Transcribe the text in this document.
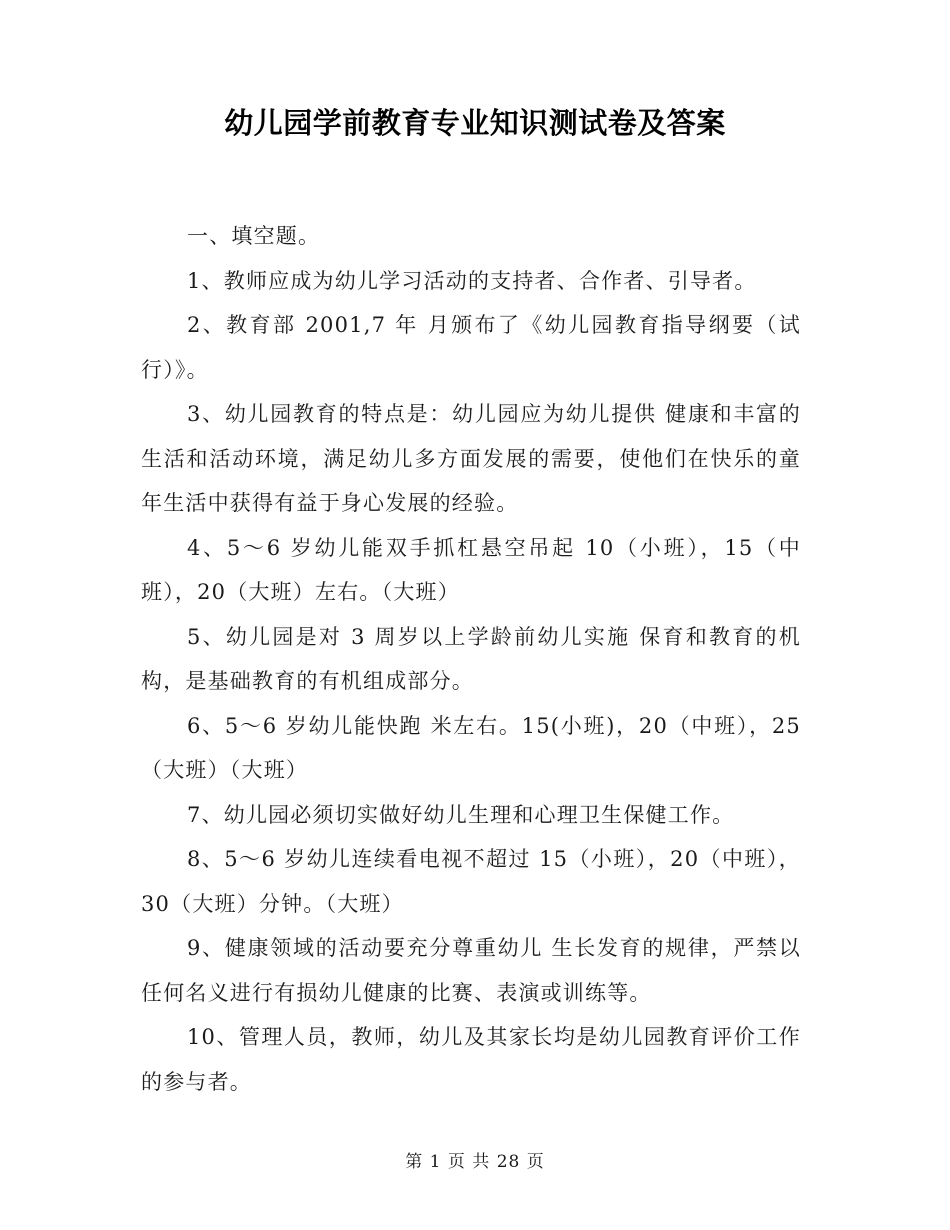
幼儿园学前教育专业知识测试卷及答案

一、填空题。

1、教师应成为幼儿学习活动的支持者、合作者、引导者。

2、教育部 2001,7 年 月颁布了《幼儿园教育指导纲要（试行）》。

3、幼儿园教育的特点是：幼儿园应为幼儿提供 健康和丰富的生活和活动环境，满足幼儿多方面发展的需要，使他们在快乐的童年生活中获得有益于身心发展的经验。

4、5～6 岁幼儿能双手抓杠悬空吊起 10（小班），15（中班），20（大班）左右。（大班）

5、幼儿园是对 3 周岁以上学龄前幼儿实施 保育和教育的机构，是基础教育的有机组成部分。

6、5～6 岁幼儿能快跑 米左右。15(小班)，20（中班），25（大班）（大班）

7、幼儿园必须切实做好幼儿生理和心理卫生保健工作。

8、5～6 岁幼儿连续看电视不超过 15（小班），20（中班），30（大班）分钟。（大班）

9、健康领域的活动要充分尊重幼儿 生长发育的规律，严禁以任何名义进行有损幼儿健康的比赛、表演或训练等。

10、管理人员，教师，幼儿及其家长均是幼儿园教育评价工作的参与者。

第 1 页 共 28 页
